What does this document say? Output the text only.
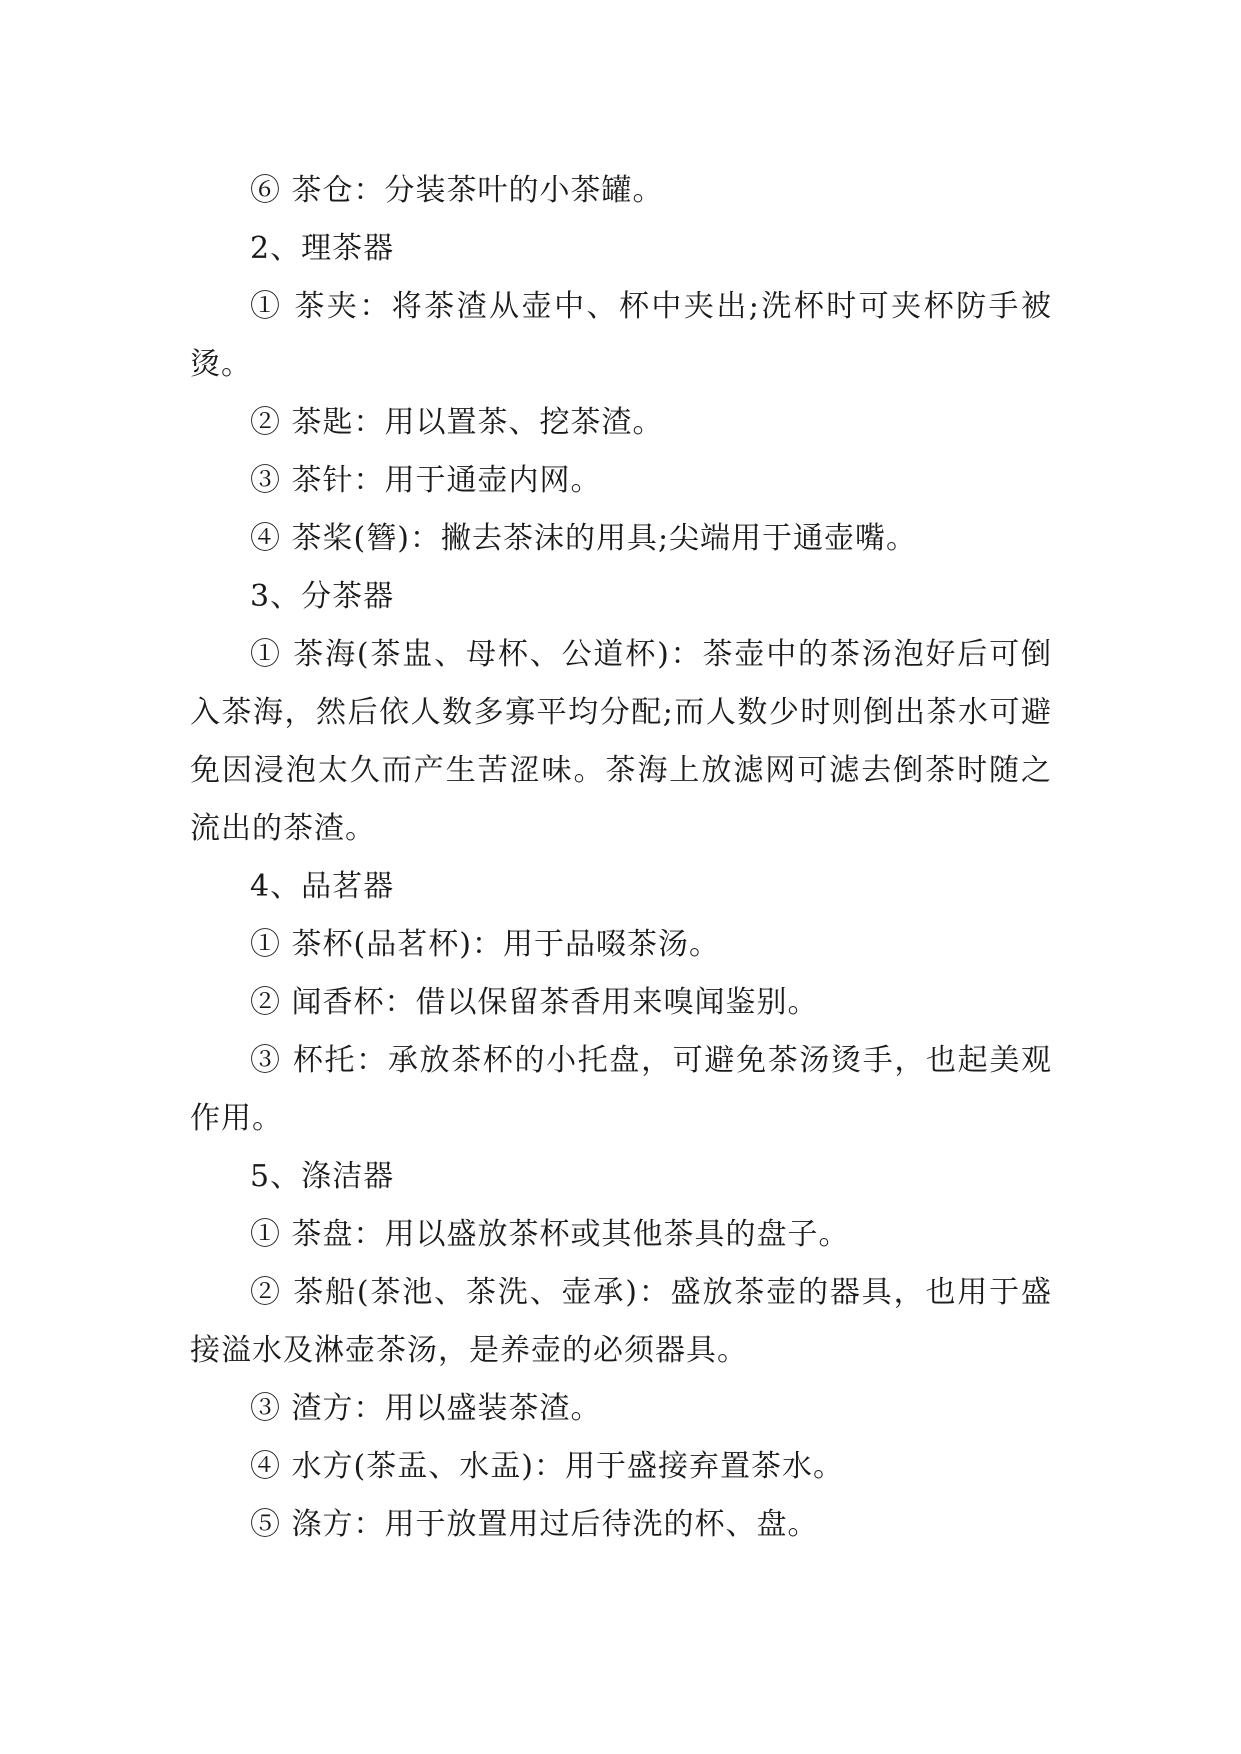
⑥ 茶仓：分装茶叶的小茶罐。

2、理茶器

① 茶夹：将茶渣从壶中、杯中夹出;洗杯时可夹杯防手被烫。

② 茶匙：用以置茶、挖茶渣。

③ 茶针：用于通壶内网。

④ 茶桨(簪)：撇去茶沫的用具;尖端用于通壶嘴。

3、分茶器

① 茶海(茶盅、母杯、公道杯)：茶壶中的茶汤泡好后可倒入茶海，然后依人数多寡平均分配;而人数少时则倒出茶水可避免因浸泡太久而产生苦涩味。茶海上放滤网可滤去倒茶时随之流出的茶渣。

4、品茗器

① 茶杯(品茗杯)：用于品啜茶汤。

② 闻香杯：借以保留茶香用来嗅闻鉴别。

③ 杯托：承放茶杯的小托盘，可避免茶汤烫手，也起美观作用。

5、涤洁器

① 茶盘：用以盛放茶杯或其他茶具的盘子。

② 茶船(茶池、茶洗、壶承)：盛放茶壶的器具，也用于盛接溢水及淋壶茶汤，是养壶的必须器具。

③ 渣方：用以盛装茶渣。

④ 水方(茶盂、水盂)：用于盛接弃置茶水。

⑤ 涤方：用于放置用过后待洗的杯、盘。
